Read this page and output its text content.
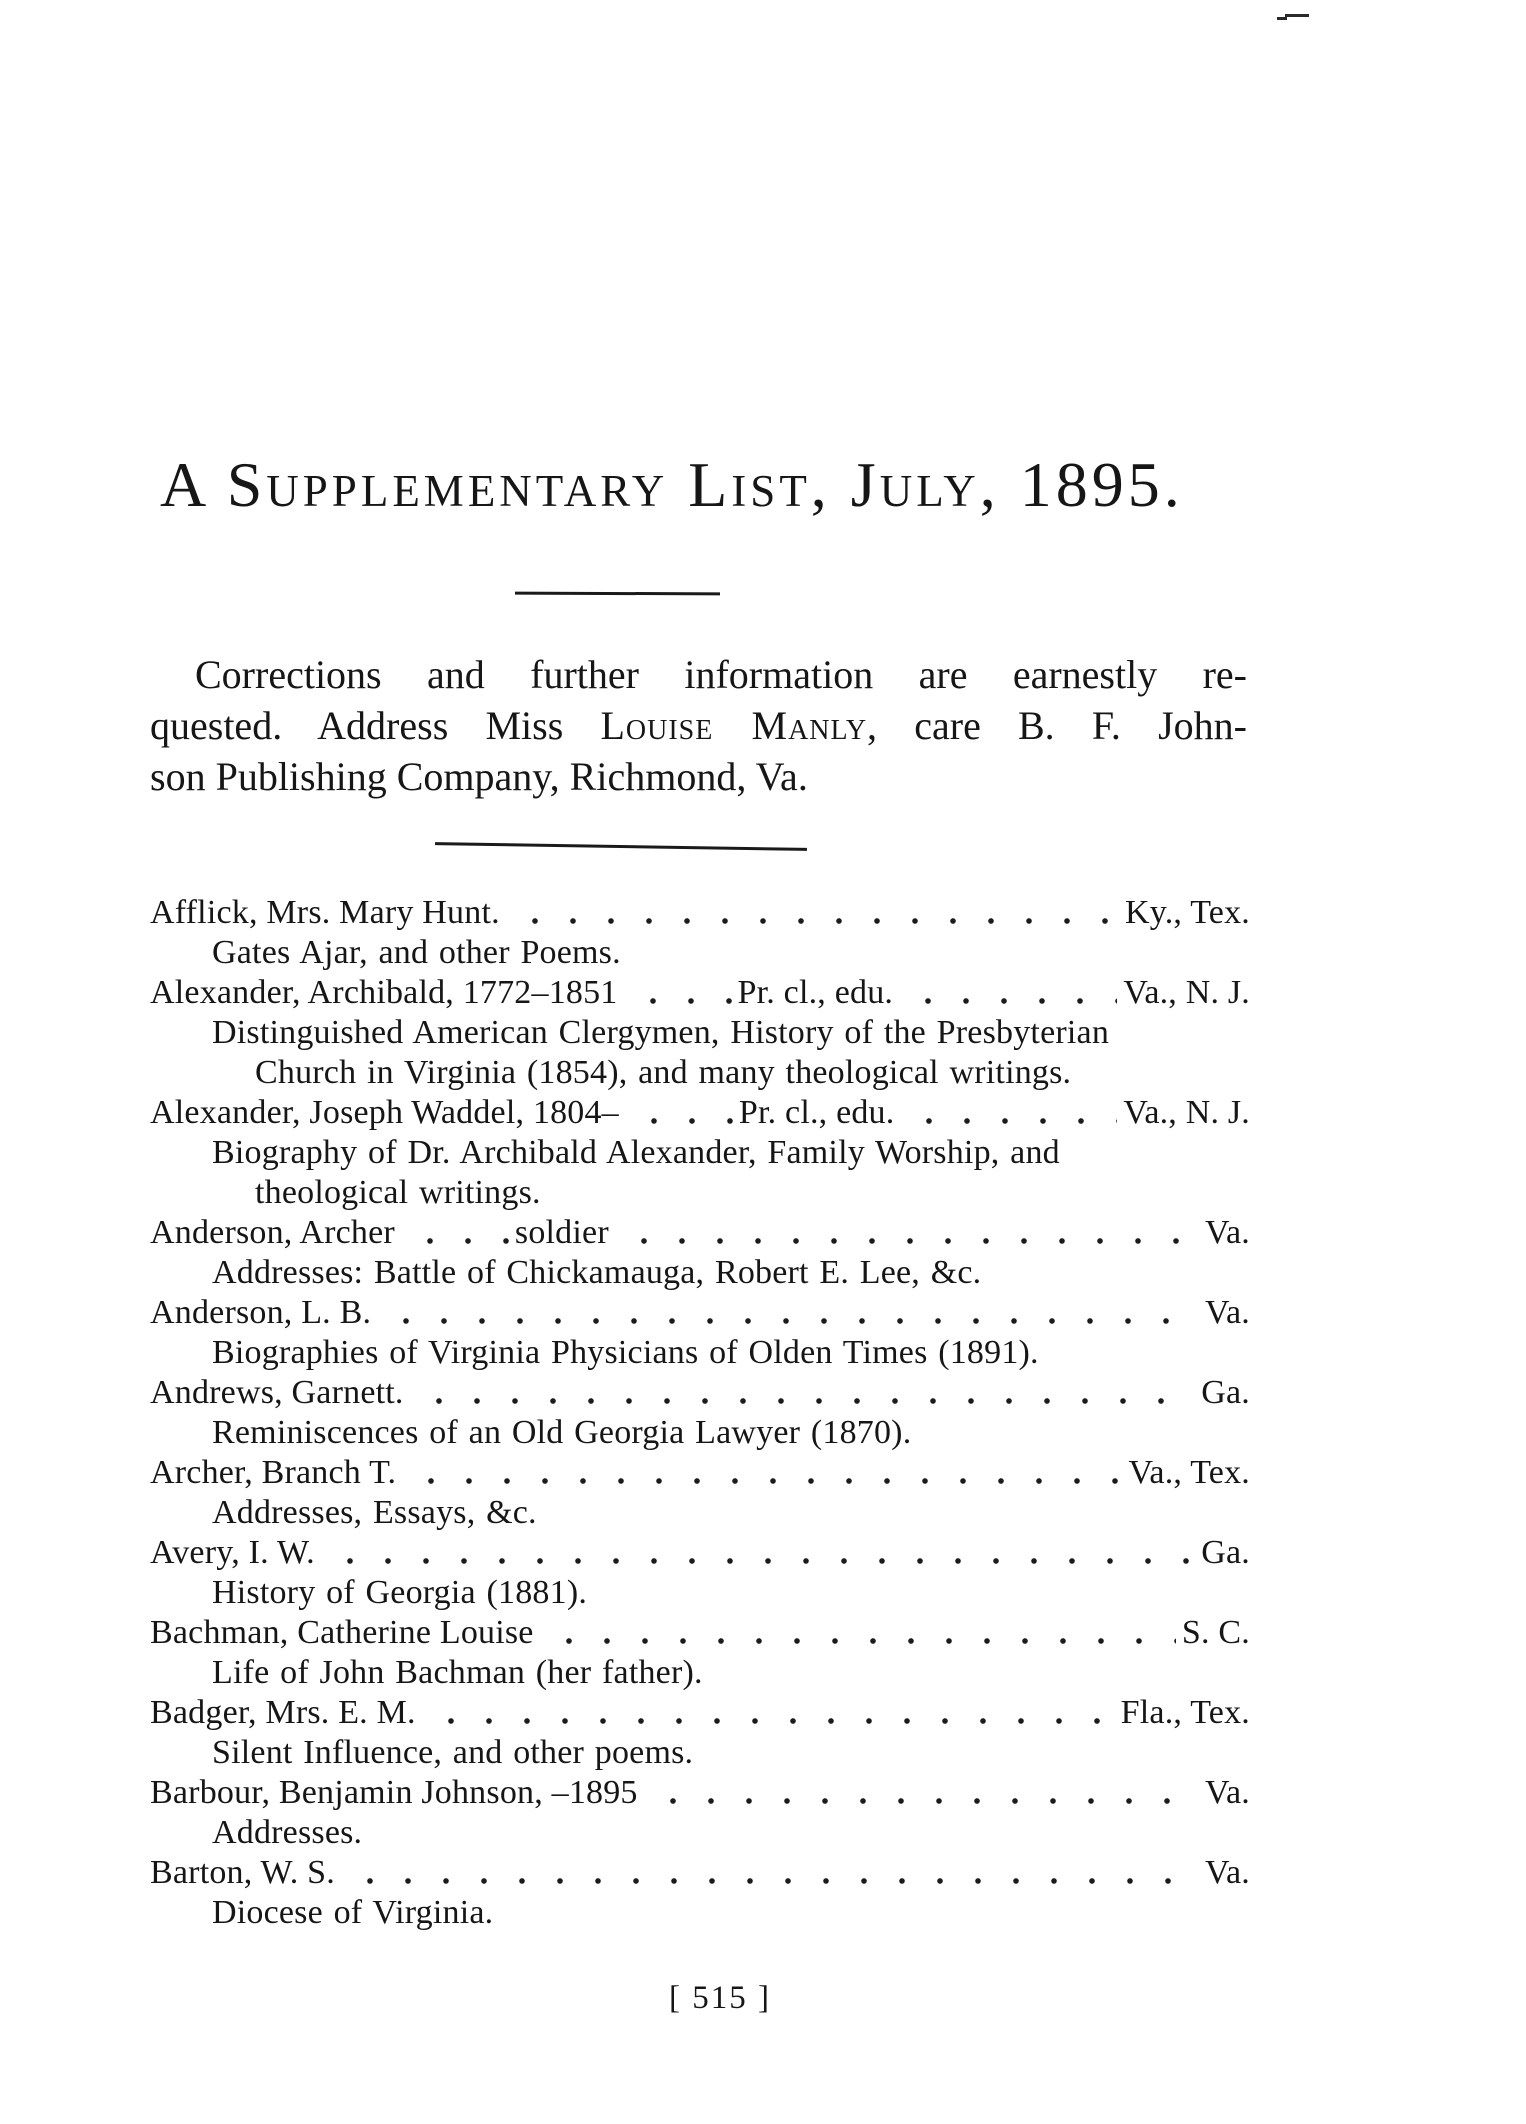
A Supplementary List, July, 1895.
Corrections and further information are earnestly re-
quested. Address Miss Louise Manly, care B. F. John-
son Publishing Company, Richmond, Va.
Afflick, Mrs. Mary Hunt.	Ky., Tex.
Gates Ajar, and other Poems.
Alexander, Archibald, 1772–1851	Pr. cl., edu.	Va., N. J.
Distinguished American Clergymen, History of the Presbyterian
Church in Virginia (1854), and many theological writings.
Alexander, Joseph Waddel, 1804–	Pr. cl., edu.	Va., N. J.
Biography of Dr. Archibald Alexander, Family Worship, and
theological writings.
Anderson, Archer	soldier	Va.
Addresses: Battle of Chickamauga, Robert E. Lee, &c.
Anderson, L. B.	Va.
Biographies of Virginia Physicians of Olden Times (1891).
Andrews, Garnett.	Ga.
Reminiscences of an Old Georgia Lawyer (1870).
Archer, Branch T.	Va., Tex.
Addresses, Essays, &c.
Avery, I. W.	Ga.
History of Georgia (1881).
Bachman, Catherine Louise	S. C.
Life of John Bachman (her father).
Badger, Mrs. E. M.	Fla., Tex.
Silent Influence, and other poems.
Barbour, Benjamin Johnson, –1895	Va.
Addresses.
Barton, W. S.	Va.
Diocese of Virginia.
[ 515 ]
